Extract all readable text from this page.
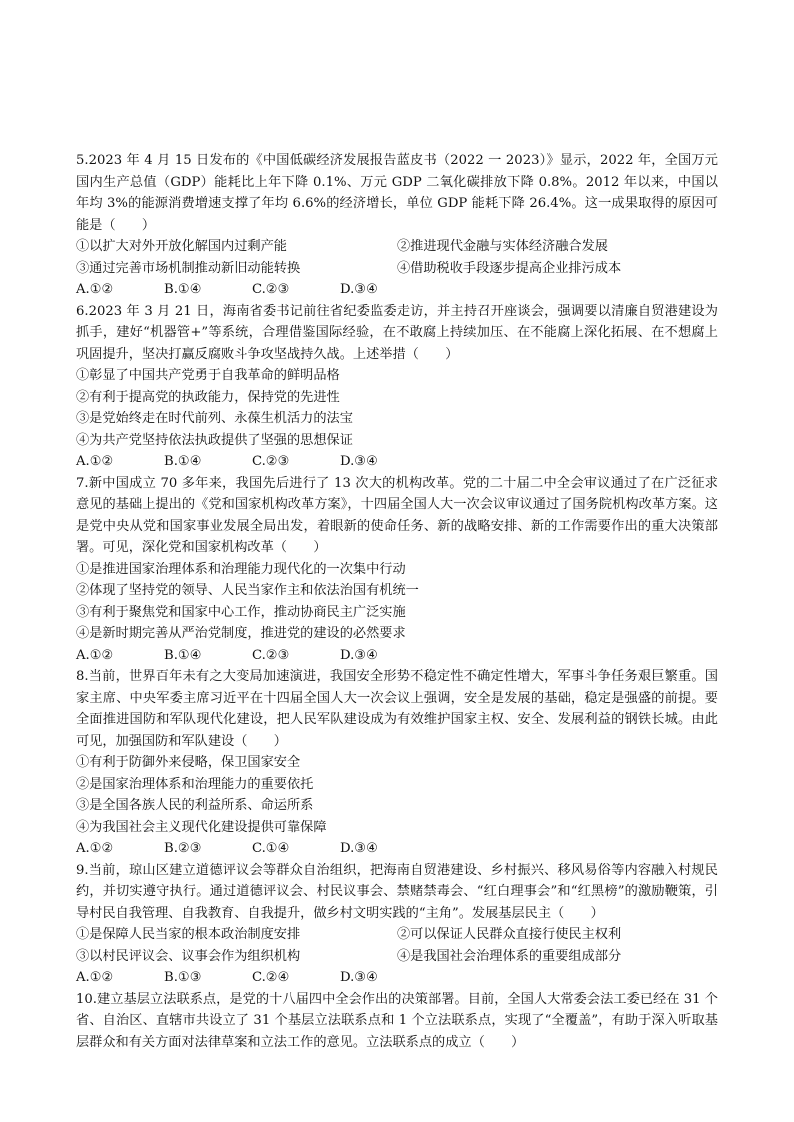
5.2023 年 4 月 15 日发布的《中国低碳经济发展报告蓝皮书（2022 一 2023）》显示，2022 年，全国万元国内生产总值（GDP）能耗比上年下降 0.1%、万元 GDP 二氧化碳排放下降 0.8%。2012 年以来，中国以年均 3%的能源消费增速支撑了年均 6.6%的经济增长，单位 GDP 能耗下降 26.4%。这一成果取得的原因可能是（　　）

①以扩大对外开放化解国内过剩产能	②推进现代金融与实体经济融合发展
③通过完善市场机制推动新旧动能转换	④借助税收手段逐步提高企业排污成本
A.①②	B.①④	C.②③	D.③④

6.2023 年 3 月 21 日，海南省委书记前往省纪委监委走访，并主持召开座谈会，强调要以清廉自贸港建设为抓手，建好“机器管+”等系统，合理借鉴国际经验，在不敢腐上持续加压、在不能腐上深化拓展、在不想腐上巩固提升，坚决打赢反腐败斗争攻坚战持久战。上述举措（　　）

①彰显了中国共产党勇于自我革命的鲜明品格

②有利于提高党的执政能力，保持党的先进性

③是党始终走在时代前列、永葆生机活力的法宝

④为共产党坚持依法执政提供了坚强的思想保证

A.①②	B.①④	C.②③	D.③④

7.新中国成立 70 多年来，我国先后进行了 13 次大的机构改革。党的二十届二中全会审议通过了在广泛征求意见的基础上提出的《党和国家机构改革方案》，十四届全国人大一次会议审议通过了国务院机构改革方案。这是党中央从党和国家事业发展全局出发，着眼新的使命任务、新的战略安排、新的工作需要作出的重大决策部署。可见，深化党和国家机构改革（　　）

①是推进国家治理体系和治理能力现代化的一次集中行动

②体现了坚持党的领导、人民当家作主和依法治国有机统一

③有利于聚焦党和国家中心工作，推动协商民主广泛实施

④是新时期完善从严治党制度，推进党的建设的必然要求

A.①②	B.①④	C.②③	D.③④

8.当前，世界百年未有之大变局加速演进，我国安全形势不稳定性不确定性增大，军事斗争任务艰巨繁重。国家主席、中央军委主席习近平在十四届全国人大一次会议上强调，安全是发展的基础，稳定是强盛的前提。要全面推进国防和军队现代化建设，把人民军队建设成为有效维护国家主权、安全、发展利益的钢铁长城。由此可见，加强国防和军队建设（　　）

①有利于防御外来侵略，保卫国家安全

②是国家治理体系和治理能力的重要依托

③是全国各族人民的利益所系、命运所系

④为我国社会主义现代化建设提供可靠保障

A.①②	B.②③	C.①④	D.③④

9.当前，琼山区建立道德评议会等群众自治组织，把海南自贸港建设、乡村振兴、移风易俗等内容融入村规民约，并切实遵守执行。通过道德评议会、村民议事会、禁赌禁毒会、“红白理事会”和“红黑榜”的激励鞭策，引导村民自我管理、自我教育、自我提升，做乡村文明实践的“主角”。发展基层民主（　　）

①是保障人民当家的根本政治制度安排	②可以保证人民群众直接行使民主权利
③以村民评议会、议事会作为组织机构	④是我国社会治理体系的重要组成部分
A.①②	B.①③	C.②④	D.③④

10.建立基层立法联系点，是党的十八届四中全会作出的决策部署。目前，全国人大常委会法工委已经在 31 个省、自治区、直辖市共设立了 31 个基层立法联系点和 1 个立法联系点，实现了“全覆盖”，有助于深入听取基层群众和有关方面对法律草案和立法工作的意见。立法联系点的成立（　　）
